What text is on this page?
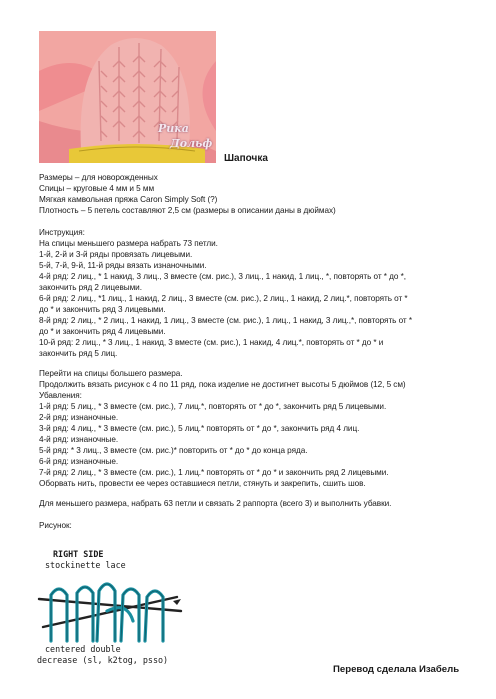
Рика
Дольф
Шапочка
Размеры – для новорожденных
Спицы – круговые 4 мм и 5 мм
Мягкая камвольная пряжа Caron Simply Soft (?)
Плотность – 5 петель составляют 2,5 см (размеры в описании даны в дюймах)
Инструкция:
На спицы меньшего размера набрать 73 петли.
1-й, 2-й и 3-й ряды провязать лицевыми.
5-й, 7-й, 9-й, 11-й ряды вязать изнаночными.
4-й ряд: 2 лиц., * 1 накид, 3 лиц., 3 вместе (см. рис.), 3 лиц., 1 накид, 1 лиц., *, повторять от * до *,
закончить ряд 2 лицевыми.
6-й ряд: 2 лиц., *1 лиц., 1 накид, 2 лиц., 3 вместе (см. рис.), 2 лиц., 1 накид, 2 лиц.*, повторять от *
до * и закончить ряд 3 лицевыми.
8-й ряд: 2 лиц., * 2 лиц., 1 накид, 1 лиц., 3 вместе (см. рис.), 1 лиц., 1 накид, 3 лиц.,*, повторять от *
до * и закончить ряд 4 лицевыми.
10-й ряд: 2 лиц., * 3 лиц., 1 накид, 3 вместе (см. рис.), 1 накид, 4 лиц.*, повторять от * до * и
закончить ряд 5 лиц.
Перейти на спицы большего размера.
Продолжить вязать рисунок с 4 по 11 ряд, пока изделие не достигнет высоты 5 дюймов (12, 5 см)
Убавления:
1-й ряд: 5 лиц., * 3 вместе (см. рис.), 7 лиц.*, повторять от * до *, закончить ряд 5 лицевыми.
2-й ряд: изнаночные.
3-й ряд: 4 лиц., * 3 вместе (см. рис.), 5 лиц.* повторять от * до *, закончить ряд 4 лиц.
4-й ряд: изнаночные.
5-й ряд: * 3 лиц., 3 вместе (см. рис.)* повторить от * до * до конца ряда.
6-й ряд: изнаночные.
7-й ряд: 2 лиц., * 3 вместе (см. рис.), 1 лиц.* повторять от * до * и закончить ряд 2 лицевыми.
Оборвать нить, провести ее через оставшиеся петли, стянуть и закрепить, сшить шов.
Для меньшего размера, набрать 63 петли и связать 2 раппорта (всего 3) и выполнить убавки.
Рисунок:
RIGHT SIDE
stockinette lace
centered double
decrease (sl, k2tog, psso)
Перевод сделала Изабель
